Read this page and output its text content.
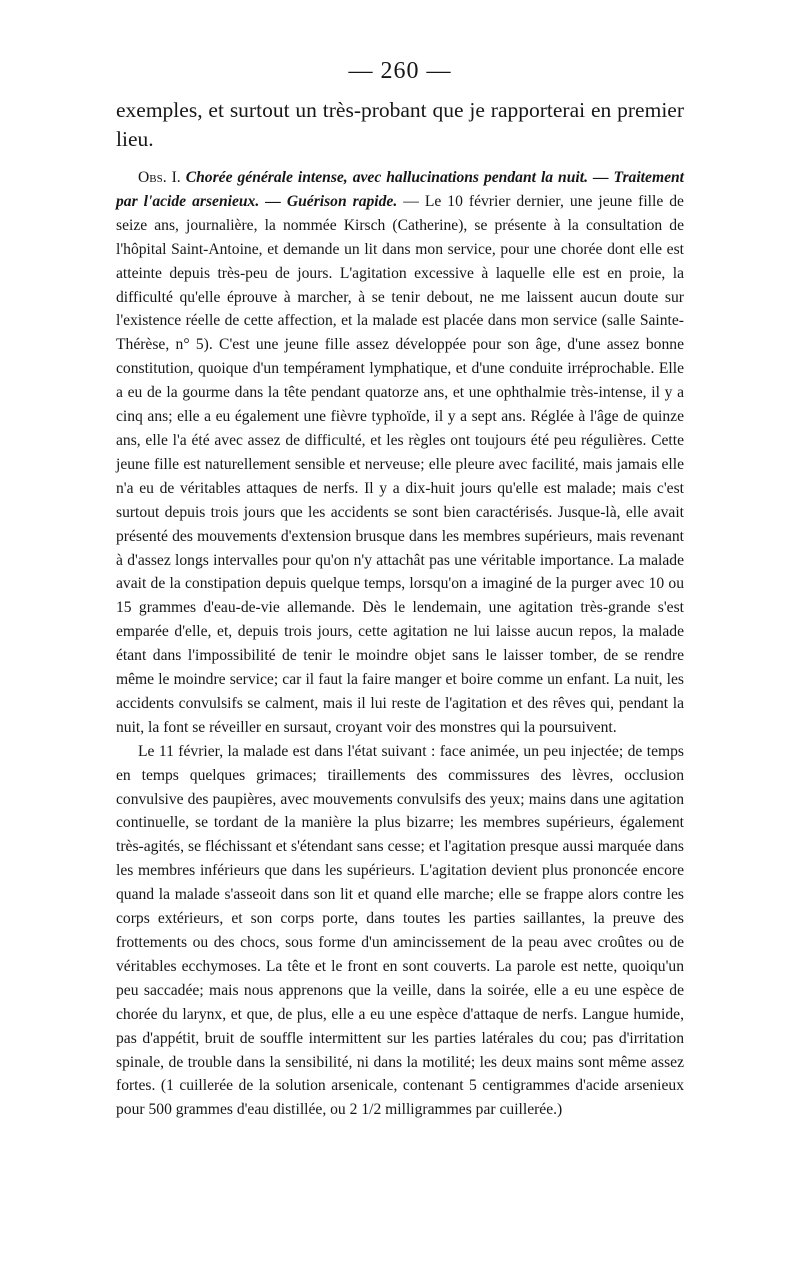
— 260 —

exemples, et surtout un très-probant que je rapporterai en premier lieu.

Obs. I. Chorée générale intense, avec hallucinations pendant la nuit. — Traitement par l'acide arsenieux. — Guérison rapide. — Le 10 février dernier, une jeune fille de seize ans, journalière, la nommée Kirsch (Catherine), se présente à la consultation de l'hôpital Saint-Antoine, et demande un lit dans mon service, pour une chorée dont elle est atteinte depuis très-peu de jours. L'agitation excessive à laquelle elle est en proie, la difficulté qu'elle éprouve à marcher, à se tenir debout, ne me laissent aucun doute sur l'existence réelle de cette affection, et la malade est placée dans mon service (salle Sainte-Thérèse, n° 5). C'est une jeune fille assez développée pour son âge, d'une assez bonne constitution, quoique d'un tempérament lymphatique, et d'une conduite irréprochable. Elle a eu de la gourme dans la tête pendant quatorze ans, et une ophthalmie très-intense, il y a cinq ans; elle a eu également une fièvre typhoïde, il y a sept ans. Réglée à l'âge de quinze ans, elle l'a été avec assez de difficulté, et les règles ont toujours été peu régulières. Cette jeune fille est naturellement sensible et nerveuse; elle pleure avec facilité, mais jamais elle n'a eu de véritables attaques de nerfs. Il y a dix-huit jours qu'elle est malade; mais c'est surtout depuis trois jours que les accidents se sont bien caractérisés. Jusque-là, elle avait présenté des mouvements d'extension brusque dans les membres supérieurs, mais revenant à d'assez longs intervalles pour qu'on n'y attachât pas une véritable importance. La malade avait de la constipation depuis quelque temps, lorsqu'on a imaginé de la purger avec 10 ou 15 grammes d'eau-de-vie allemande. Dès le lendemain, une agitation très-grande s'est emparée d'elle, et, depuis trois jours, cette agitation ne lui laisse aucun repos, la malade étant dans l'impossibilité de tenir le moindre objet sans le laisser tomber, de se rendre même le moindre service; car il faut la faire manger et boire comme un enfant. La nuit, les accidents convulsifs se calment, mais il lui reste de l'agitation et des rêves qui, pendant la nuit, la font se réveiller en sursaut, croyant voir des monstres qui la poursuivent.

Le 11 février, la malade est dans l'état suivant : face animée, un peu injectée; de temps en temps quelques grimaces; tiraillements des commissures des lèvres, occlusion convulsive des paupières, avec mouvements convulsifs des yeux; mains dans une agitation continuelle, se tordant de la manière la plus bizarre; les membres supérieurs, également très-agités, se fléchissant et s'étendant sans cesse; et l'agitation presque aussi marquée dans les membres inférieurs que dans les supérieurs. L'agitation devient plus prononcée encore quand la malade s'asseoit dans son lit et quand elle marche; elle se frappe alors contre les corps extérieurs, et son corps porte, dans toutes les parties saillantes, la preuve des frottements ou des chocs, sous forme d'un amincissement de la peau avec croûtes ou de véritables ecchymoses. La tête et le front en sont couverts. La parole est nette, quoiqu'un peu saccadée; mais nous apprenons que la veille, dans la soirée, elle a eu une espèce de chorée du larynx, et que, de plus, elle a eu une espèce d'attaque de nerfs. Langue humide, pas d'appétit, bruit de souffle intermittent sur les parties latérales du cou; pas d'irritation spinale, de trouble dans la sensibilité, ni dans la motilité; les deux mains sont même assez fortes. (1 cuillerée de la solution arsenicale, contenant 5 centigrammes d'acide arsenieux pour 500 grammes d'eau distillée, ou 2 1/2 milligrammes par cuillerée.)
